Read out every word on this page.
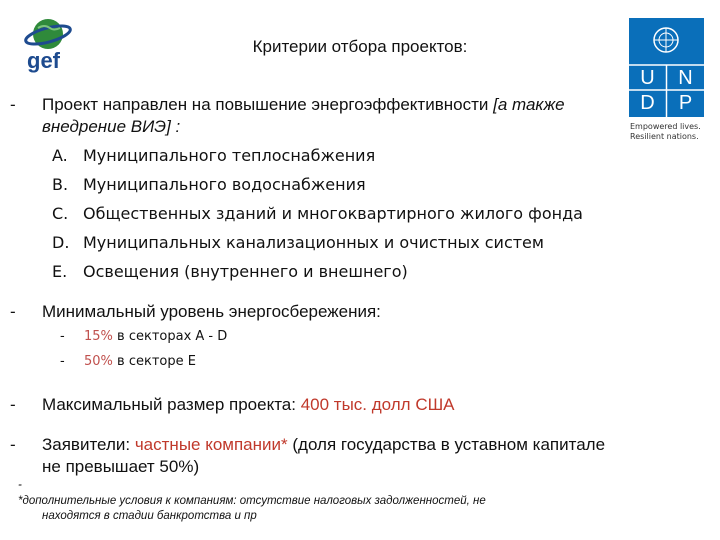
gef
Критерии отбора проектов:
U	N
D	P
Empowered lives.
Resilient nations.
- Проект направлен на повышение энергоэффективности [а также
внедрение ВИЭ] :
A. Муниципального теплоснабжения
B. Муниципального водоснабжения
C. Общественных зданий и многоквартирного жилого фонда
D. Муниципальных канализационных и очистных систем
E. Освещения (внутреннего и внешнего)
- Минимальный уровень энергосбережения:
- 15% в секторах А - D
- 50% в секторе E
- Максимальный размер проекта: 400 тыс. долл США
- Заявители: частные компании* (доля государства в уставном капитале
не превышает 50%)
-
*дополнительные условия к компаниям: отсутствие налоговых задолженностей, не
находятся в стадии банкротства и пр
